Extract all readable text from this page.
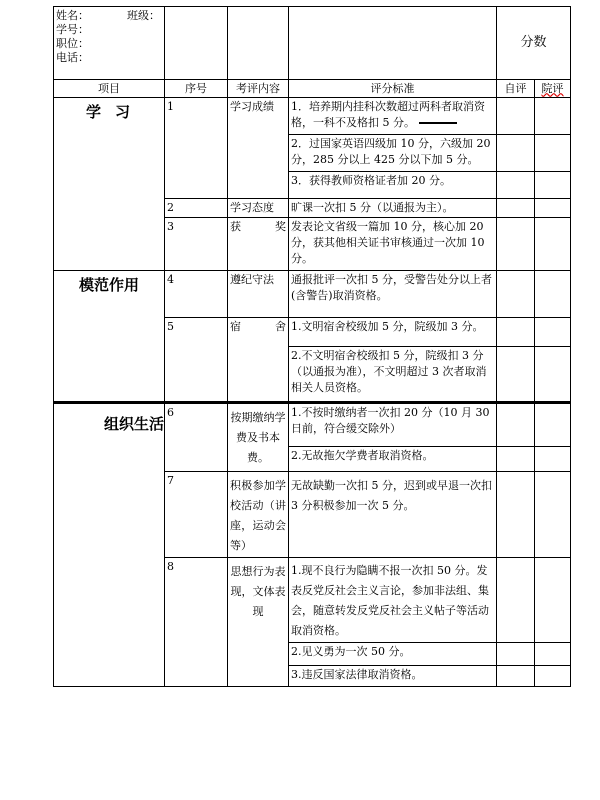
姓名： 班级：
学号：
职位：
电话：				分数	
项目	序号	考评内容	评分标准	自评	院评
学习	1	学习成绩	1．培养期内挂科次数超过两科者取消资格，一科不及格扣 5 分。		
			2．过国家英语四级加 10 分，六级加 20 分，285 分以上 425 分以下加 5 分。		
			3．获得教师资格证者加 20 分。		
	2	学习态度	旷课一次扣 5 分（以通报为主）。		
	3	获　　奖	发表论文省级一篇加 10 分，核心加 20 分，获其他相关证书审核通过一次加 10 分。		
模范作用	4	遵纪守法	通报批评一次扣 5 分，受警告处分以上者(含警告)取消资格。		
	5	宿　　舍	1.文明宿舍校级加 5 分，院级加 3 分。		
			2.不文明宿舍校级扣 5 分，院级扣 3 分（以通报为准），不文明超过 3 次者取消相关人员资格。		
组织生活	6	按期缴纳学费及书本费。	1.不按时缴纳者一次扣 20 分（10 月 30 日前，符合缓交除外）		
			2.无故拖欠学费者取消资格。		
	7	积极参加学校活动（讲座，运动会等）	无故缺勤一次扣 5 分，迟到或早退一次扣 3 分积极参加一次 5 分。		
	8	思想行为表现，文体表现	1.现不良行为隐瞒不报一次扣 50 分。发表反党反社会主义言论，参加非法组、集会，随意转发反党反社会主义帖子等活动取消资格。		
			2.见义勇为一次 50 分。		
			3.违反国家法律取消资格。		
